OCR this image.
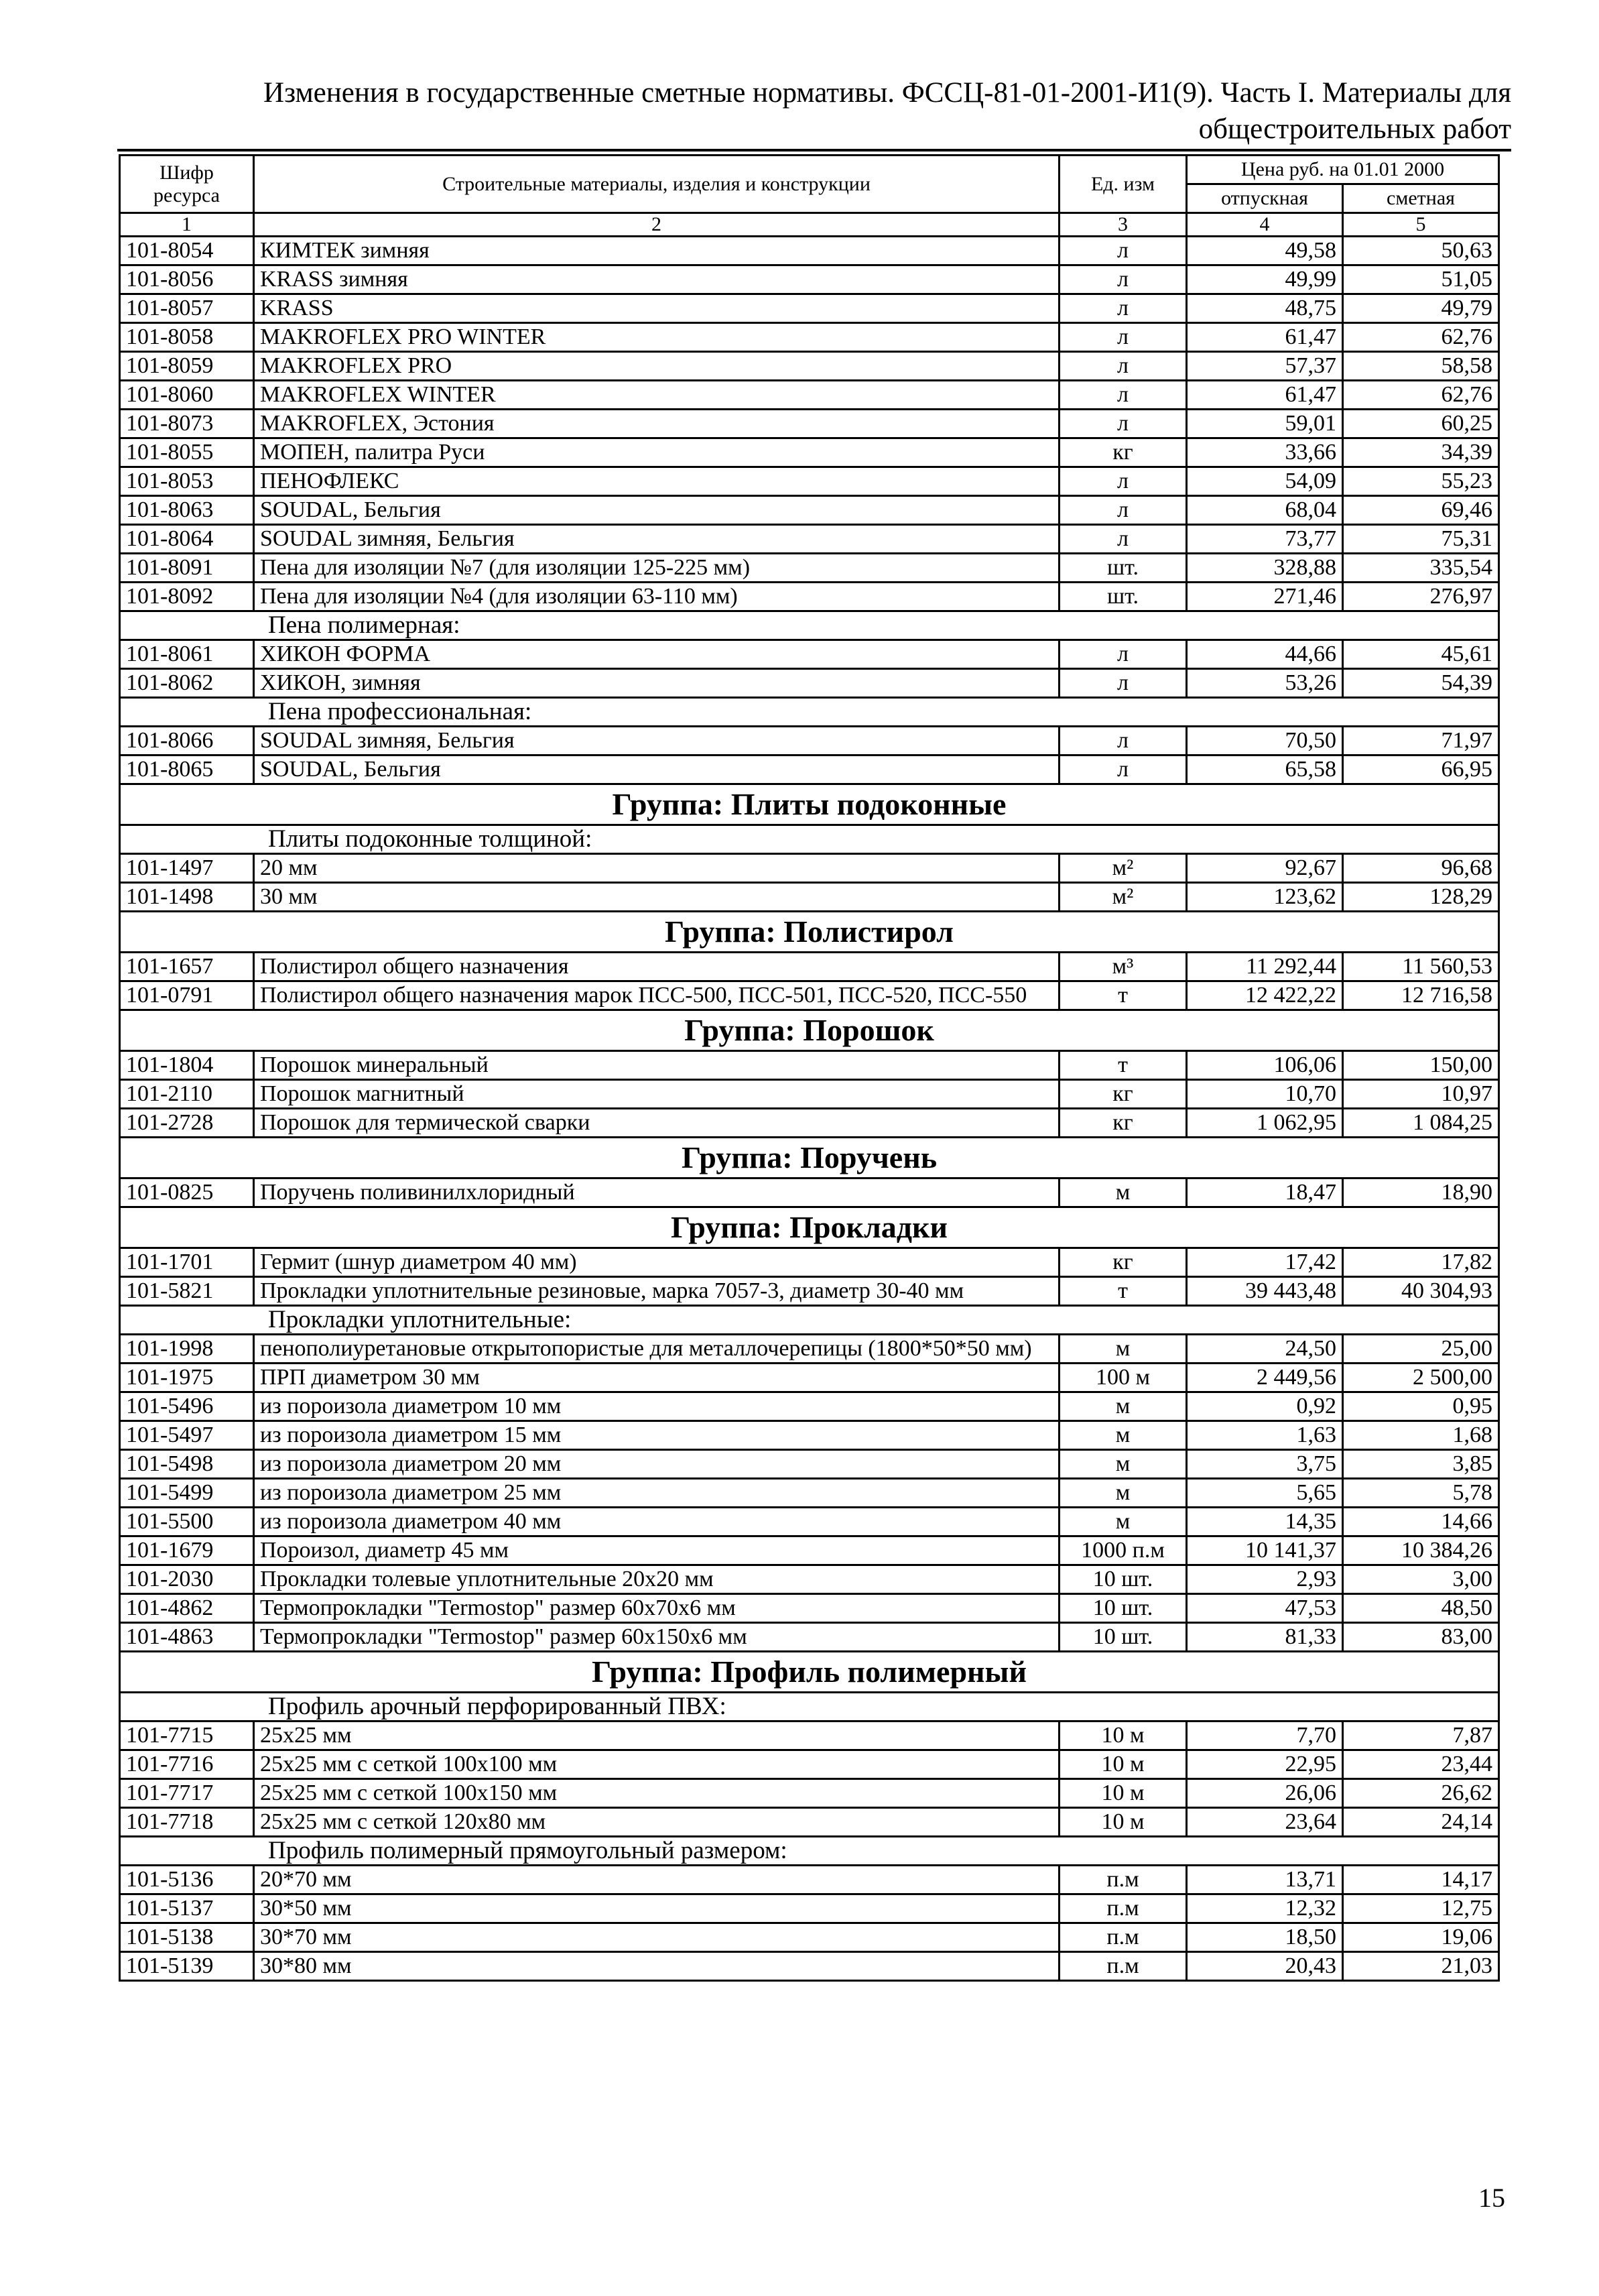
Изменения в государственные сметные нормативы. ФССЦ-81-01-2001-И1(9). Часть I. Материалы для
общестроительных работ
Шифр ресурса	Строительные материалы, изделия и конструкции	Ед. изм	Цена руб. на 01.01 2000	
			отпускная	сметная
1	2	3	4	5
101-8054	КИМТЕК зимняя	л	49,58	50,63
101-8056	KRASS зимняя	л	49,99	51,05
101-8057	KRASS	л	48,75	49,79
101-8058	MAKROFLEX PRO WINTER	л	61,47	62,76
101-8059	MAKROFLEX PRO	л	57,37	58,58
101-8060	MAKROFLEX WINTER	л	61,47	62,76
101-8073	MAKROFLEX, Эстония	л	59,01	60,25
101-8055	МОПЕН, палитра Руси	кг	33,66	34,39
101-8053	ПЕНОФЛЕКС	л	54,09	55,23
101-8063	SOUDAL, Бельгия	л	68,04	69,46
101-8064	SOUDAL зимняя, Бельгия	л	73,77	75,31
101-8091	Пена для изоляции №7 (для изоляции 125-225 мм)	шт.	328,88	335,54
101-8092	Пена для изоляции №4 (для изоляции 63-110 мм)	шт.	271,46	276,97
Пена полимерная:				
101-8061	ХИКОН ФОРМА	л	44,66	45,61
101-8062	ХИКОН, зимняя	л	53,26	54,39
Пена профессиональная:				
101-8066	SOUDAL зимняя, Бельгия	л	70,50	71,97
101-8065	SOUDAL, Бельгия	л	65,58	66,95
Группа: Плиты подоконные				
Плиты подоконные толщиной:				
101-1497	20 мм	м²	92,67	96,68
101-1498	30 мм	м²	123,62	128,29
Группа: Полистирол				
101-1657	Полистирол общего назначения	м³	11 292,44	11 560,53
101-0791	Полистирол общего назначения марок ПСС-500, ПСС-501, ПСС-520, ПСС-550	т	12 422,22	12 716,58
Группа: Порошок				
101-1804	Порошок минеральный	т	106,06	150,00
101-2110	Порошок магнитный	кг	10,70	10,97
101-2728	Порошок для термической сварки	кг	1 062,95	1 084,25
Группа: Поручень				
101-0825	Поручень поливинилхлоридный	м	18,47	18,90
Группа: Прокладки				
101-1701	Гермит (шнур диаметром 40 мм)	кг	17,42	17,82
101-5821	Прокладки уплотнительные резиновые, марка 7057-3, диаметр 30-40 мм	т	39 443,48	40 304,93
Прокладки уплотнительные:				
101-1998	пенополиуретановые открытопористые для металлочерепицы (1800*50*50 мм)	м	24,50	25,00
101-1975	ПРП диаметром 30 мм	100 м	2 449,56	2 500,00
101-5496	из пороизола диаметром 10 мм	м	0,92	0,95
101-5497	из пороизола диаметром 15 мм	м	1,63	1,68
101-5498	из пороизола диаметром 20 мм	м	3,75	3,85
101-5499	из пороизола диаметром 25 мм	м	5,65	5,78
101-5500	из пороизола диаметром 40 мм	м	14,35	14,66
101-1679	Пороизол, диаметр 45 мм	1000 п.м	10 141,37	10 384,26
101-2030	Прокладки толевые уплотнительные 20x20 мм	10 шт.	2,93	3,00
101-4862	Термопрокладки "Termostop" размер 60x70x6 мм	10 шт.	47,53	48,50
101-4863	Термопрокладки "Termostop" размер 60x150x6 мм	10 шт.	81,33	83,00
Группа: Профиль полимерный				
Профиль арочный перфорированный ПВХ:				
101-7715	25x25 мм	10 м	7,70	7,87
101-7716	25x25 мм с сеткой 100x100 мм	10 м	22,95	23,44
101-7717	25x25 мм с сеткой 100x150 мм	10 м	26,06	26,62
101-7718	25x25 мм с сеткой 120x80 мм	10 м	23,64	24,14
Профиль полимерный прямоугольный размером:				
101-5136	20*70 мм	п.м	13,71	14,17
101-5137	30*50 мм	п.м	12,32	12,75
101-5138	30*70 мм	п.м	18,50	19,06
101-5139	30*80 мм	п.м	20,43	21,03
15
